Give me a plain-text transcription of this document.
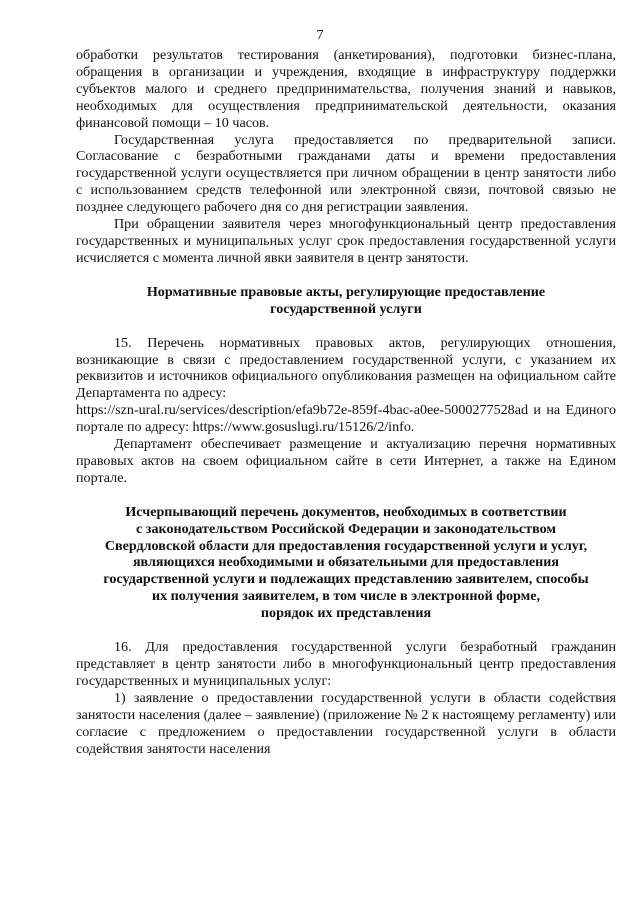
7

обработки результатов тестирования (анкетирования), подготовки бизнес-плана, обращения в организации и учреждения, входящие в инфраструктуру поддержки субъектов малого и среднего предпринимательства, получения знаний и навыков, необходимых для осуществления предпринимательской деятельности, оказания финансовой помощи – 10 часов.

Государственная услуга предоставляется по предварительной записи. Согласование с безработными гражданами даты и времени предоставления государственной услуги осуществляется при личном обращении в центр занятости либо с использованием средств телефонной или электронной связи, почтовой связью не позднее следующего рабочего дня со дня регистрации заявления.

При обращении заявителя через многофункциональный центр предоставления государственных и муниципальных услуг срок предоставления государственной услуги исчисляется с момента личной явки заявителя в центр занятости.

Нормативные правовые акты, регулирующие предоставление
государственной услуги

15. Перечень нормативных правовых актов, регулирующих отношения, возникающие в связи с предоставлением государственной услуги, с указанием их реквизитов и источников официального опубликования размещен на официальном сайте Департамента по адресу:

https://szn-ural.ru/services/description/efa9b72e-859f-4bac-a0ee-5000277528ad и на Единого портале по адресу: https://www.gosuslugi.ru/15126/2/info.

Департамент обеспечивает размещение и актуализацию перечня нормативных правовых актов на своем официальном сайте в сети Интернет, а также на Едином портале.

Исчерпывающий перечень документов, необходимых в соответствии
с законодательством Российской Федерации и законодательством
Свердловской области для предоставления государственной услуги и услуг,
являющихся необходимыми и обязательными для предоставления
государственной услуги и подлежащих представлению заявителем, способы
их получения заявителем, в том числе в электронной форме,
порядок их представления

16. Для предоставления государственной услуги безработный гражданин представляет в центр занятости либо в многофункциональный центр предоставления государственных и муниципальных услуг:

1) заявление о предоставлении государственной услуги в области содействия занятости населения (далее – заявление) (приложение № 2 к настоящему регламенту) или согласие с предложением о предоставлении государственной услуги в области содействия занятости населения
